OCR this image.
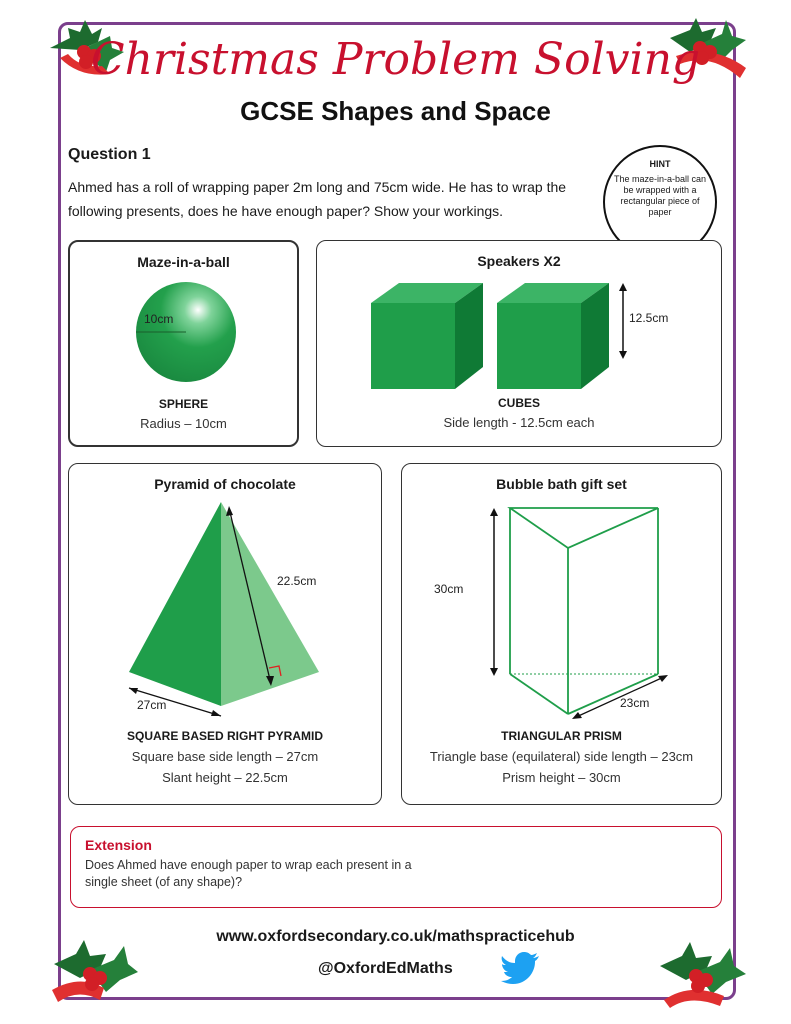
Christmas Problem Solving
GCSE Shapes and Space
Question 1
Ahmed has a roll of wrapping paper 2m long and 75cm wide. He has to wrap the following presents, does he have enough paper? Show your workings.
HINT
The maze-in-a-ball can be wrapped with a rectangular piece of paper
Maze-in-a-ball
10cm
SPHERE
Radius – 10cm
Speakers X2
12.5cm
CUBES
Side length - 12.5cm each
Pyramid of chocolate
22.5cm
27cm
SQUARE BASED RIGHT PYRAMID
Square base side length – 27cm
Slant height – 22.5cm
Bubble bath gift set
30cm
23cm
TRIANGULAR PRISM
Triangle base (equilateral) side length – 23cm
Prism height – 30cm
Extension
Does Ahmed have enough paper to wrap each present in a single sheet (of any shape)?
www.oxfordsecondary.co.uk/mathspracticehub
@OxfordEdMaths
